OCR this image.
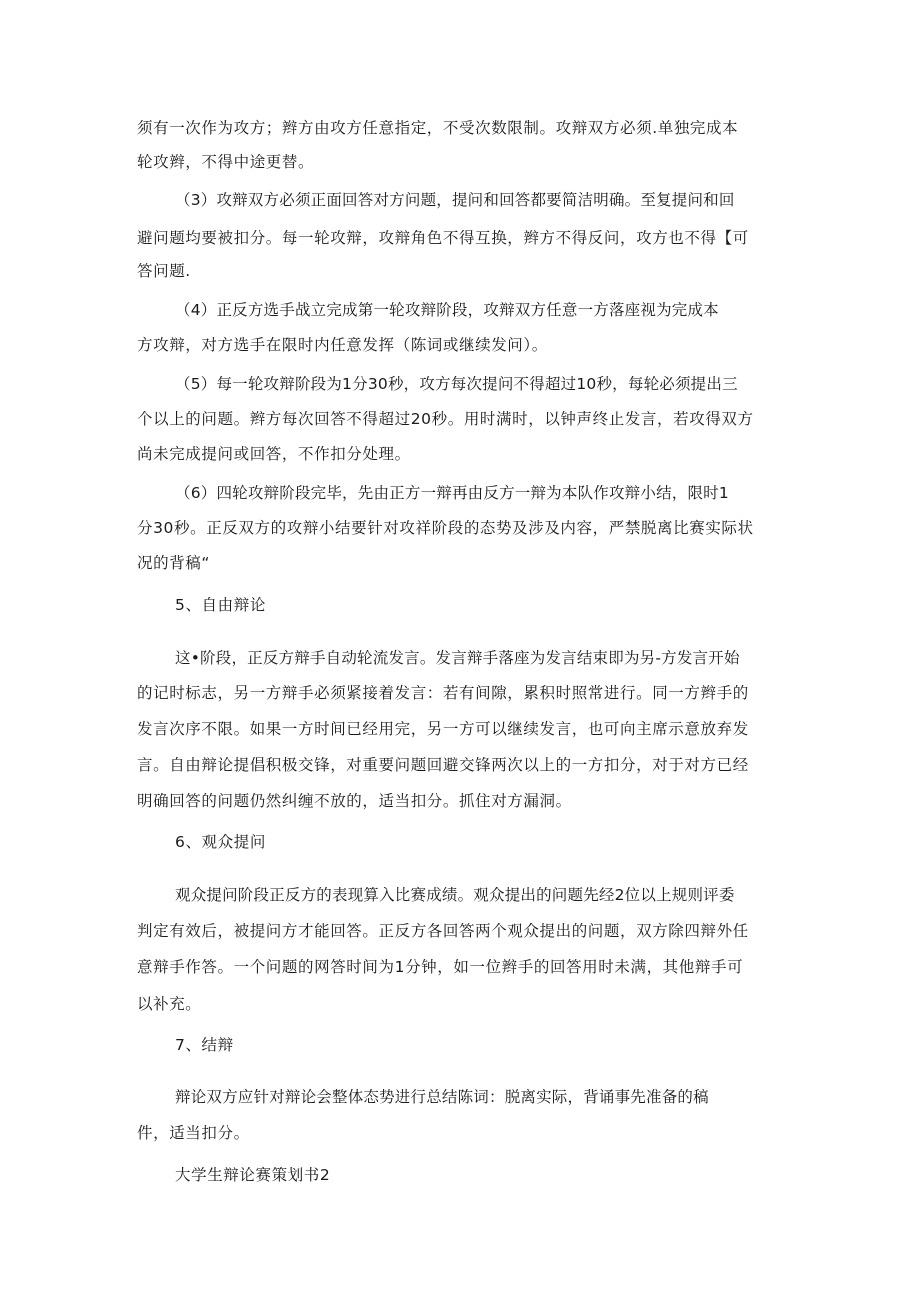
须有一次作为攻方；辫方由攻方任意指定，不受次数限制。攻辩双方必须.单独完成本
轮攻辫，不得中途更替。
（3）攻辩双方必须正面回答对方问题，提问和回答都要简洁明确。至复提问和回
避问题均要被扣分。每一轮攻辩，攻辩角色不得互换，辫方不得反问，攻方也不得【可
答问题.
（4）正反方选手战立完成第一轮攻辩阶段，攻辩双方任意一方落座视为完成本
方攻辩，对方选手在限时内任意发挥（陈词或继续发问）。
（5）每一轮攻辩阶段为1分30秒，攻方每次提问不得超过10秒，每轮必须提出三
个以上的问题。辫方每次回答不得超过20秒。用时满时，以钟声终止发言，若攻得双方
尚未完成提问或回答，不作扣分处理。
（6）四轮攻辩阶段完毕，先由正方一辩再由反方一辩为本队作攻辩小结，限时1
分30秒。正反双方的攻辩小结要针对攻祥阶段的态势及涉及内容，严禁脱离比赛实际状
况的背稿“
5、自由辩论
这•阶段，正反方辩手自动轮流发言。发言辩手落座为发言结束即为另-方发言开始
的记时标志，另一方辩手必须紧接着发言：若有间隙，累积时照常进行。同一方辫手的
发言次序不限。如果一方时间已经用完，另一方可以继续发言，也可向主席示意放弃发
言。自由辩论提倡积极交锋，对重要问题回避交锋两次以上的一方扣分，对于对方已经
明确回答的问题仍然纠缠不放的，适当扣分。抓住对方漏洞。
6、观众提问
观众提问阶段正反方的表现算入比赛成绩。观众提出的问题先经2位以上规则评委
判定有效后，被提问方才能回答。正反方各回答两个观众提出的问题，双方除四辩外任
意辩手作答。一个问题的网答时间为1分钟，如一位辫手的回答用时未满，其他辩手可
以补充。
7、结辩
辩论双方应针对辩论会整体态势进行总结陈词：脱离实际，背诵事先准备的稿
件，适当扣分。
大学生辩论赛策划书2
